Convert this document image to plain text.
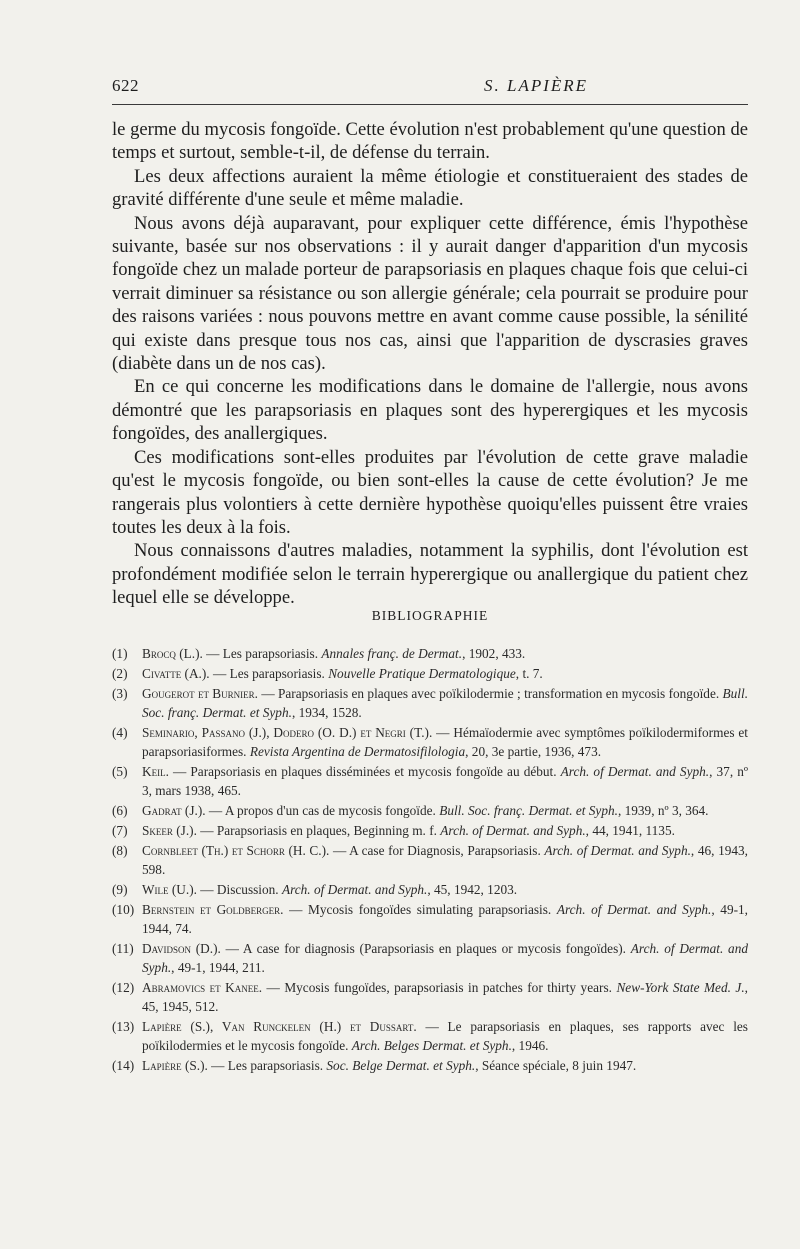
622	S. LAPIÈRE

le germe du mycosis fongoïde. Cette évolution n'est probablement qu'une question de temps et surtout, semble-t-il, de défense du terrain.

Les deux affections auraient la même étiologie et constitueraient des stades de gravité différente d'une seule et même maladie.

Nous avons déjà auparavant, pour expliquer cette différence, émis l'hypothèse suivante, basée sur nos observations : il y aurait danger d'apparition d'un mycosis fongoïde chez un malade porteur de parapsoriasis en plaques chaque fois que celui-ci verrait diminuer sa résistance ou son allergie générale; cela pourrait se produire pour des raisons variées : nous pouvons mettre en avant comme cause possible, la sénilité qui existe dans presque tous nos cas, ainsi que l'apparition de dyscrasies graves (diabète dans un de nos cas).

En ce qui concerne les modifications dans le domaine de l'allergie, nous avons démontré que les parapsoriasis en plaques sont des hyperergiques et les mycosis fongoïdes, des anallergiques.

Ces modifications sont-elles produites par l'évolution de cette grave maladie qu'est le mycosis fongoïde, ou bien sont-elles la cause de cette évolution? Je me rangerais plus volontiers à cette dernière hypothèse quoiqu'elles puissent être vraies toutes les deux à la fois.

Nous connaissons d'autres maladies, notamment la syphilis, dont l'évolution est profondément modifiée selon le terrain hyperergique ou anallergique du patient chez lequel elle se développe.

BIBLIOGRAPHIE

(1) Brocq (L.). — Les parapsoriasis. Annales franç. de Dermat., 1902, 433.

(2) Civatte (A.). — Les parapsoriasis. Nouvelle Pratique Dermatologique, t. 7.

(3) Gougerot et Burnier. — Parapsoriasis en plaques avec poïkilodermie ; transformation en mycosis fongoïde. Bull. Soc. franç. Dermat. et Syph., 1934, 1528.

(4) Seminario, Passano (J.), Dodero (O. D.) et Negri (T.). — Hémaïodermie avec symptômes poïkilodermiformes et parapsoriasiformes. Revista Argentina de Dermatosifilologia, 20, 3e partie, 1936, 473.

(5) Keil. — Parapsoriasis en plaques disséminées et mycosis fongoïde au début. Arch. of Dermat. and Syph., 37, nº 3, mars 1938, 465.

(6) Gadrat (J.). — A propos d'un cas de mycosis fongoïde. Bull. Soc. franç. Dermat. et Syph., 1939, nº 3, 364.

(7) Skeer (J.). — Parapsoriasis en plaques, Beginning m. f. Arch. of Dermat. and Syph., 44, 1941, 1135.

(8) Cornbleet (Th.) et Schorr (H. C.). — A case for Diagnosis, Parapsoriasis. Arch. of Dermat. and Syph., 46, 1943, 598.

(9) Wile (U.). — Discussion. Arch. of Dermat. and Syph., 45, 1942, 1203.

(10) Bernstein et Goldberger. — Mycosis fongoïdes simulating parapsoriasis. Arch. of Dermat. and Syph., 49-1, 1944, 74.

(11) Davidson (D.). — A case for diagnosis (Parapsoriasis en plaques or mycosis fongoïdes). Arch. of Dermat. and Syph., 49-1, 1944, 211.

(12) Abramovics et Kanee. — Mycosis fungoïdes, parapsoriasis in patches for thirty years. New-York State Med. J., 45, 1945, 512.

(13) Lapière (S.), Van Runckelen (H.) et Dussart. — Le parapsoriasis en plaques, ses rapports avec les poïkilodermies et le mycosis fongoïde. Arch. Belges Dermat. et Syph., 1946.

(14) Lapière (S.). — Les parapsoriasis. Soc. Belge Dermat. et Syph., Séance spéciale, 8 juin 1947.
